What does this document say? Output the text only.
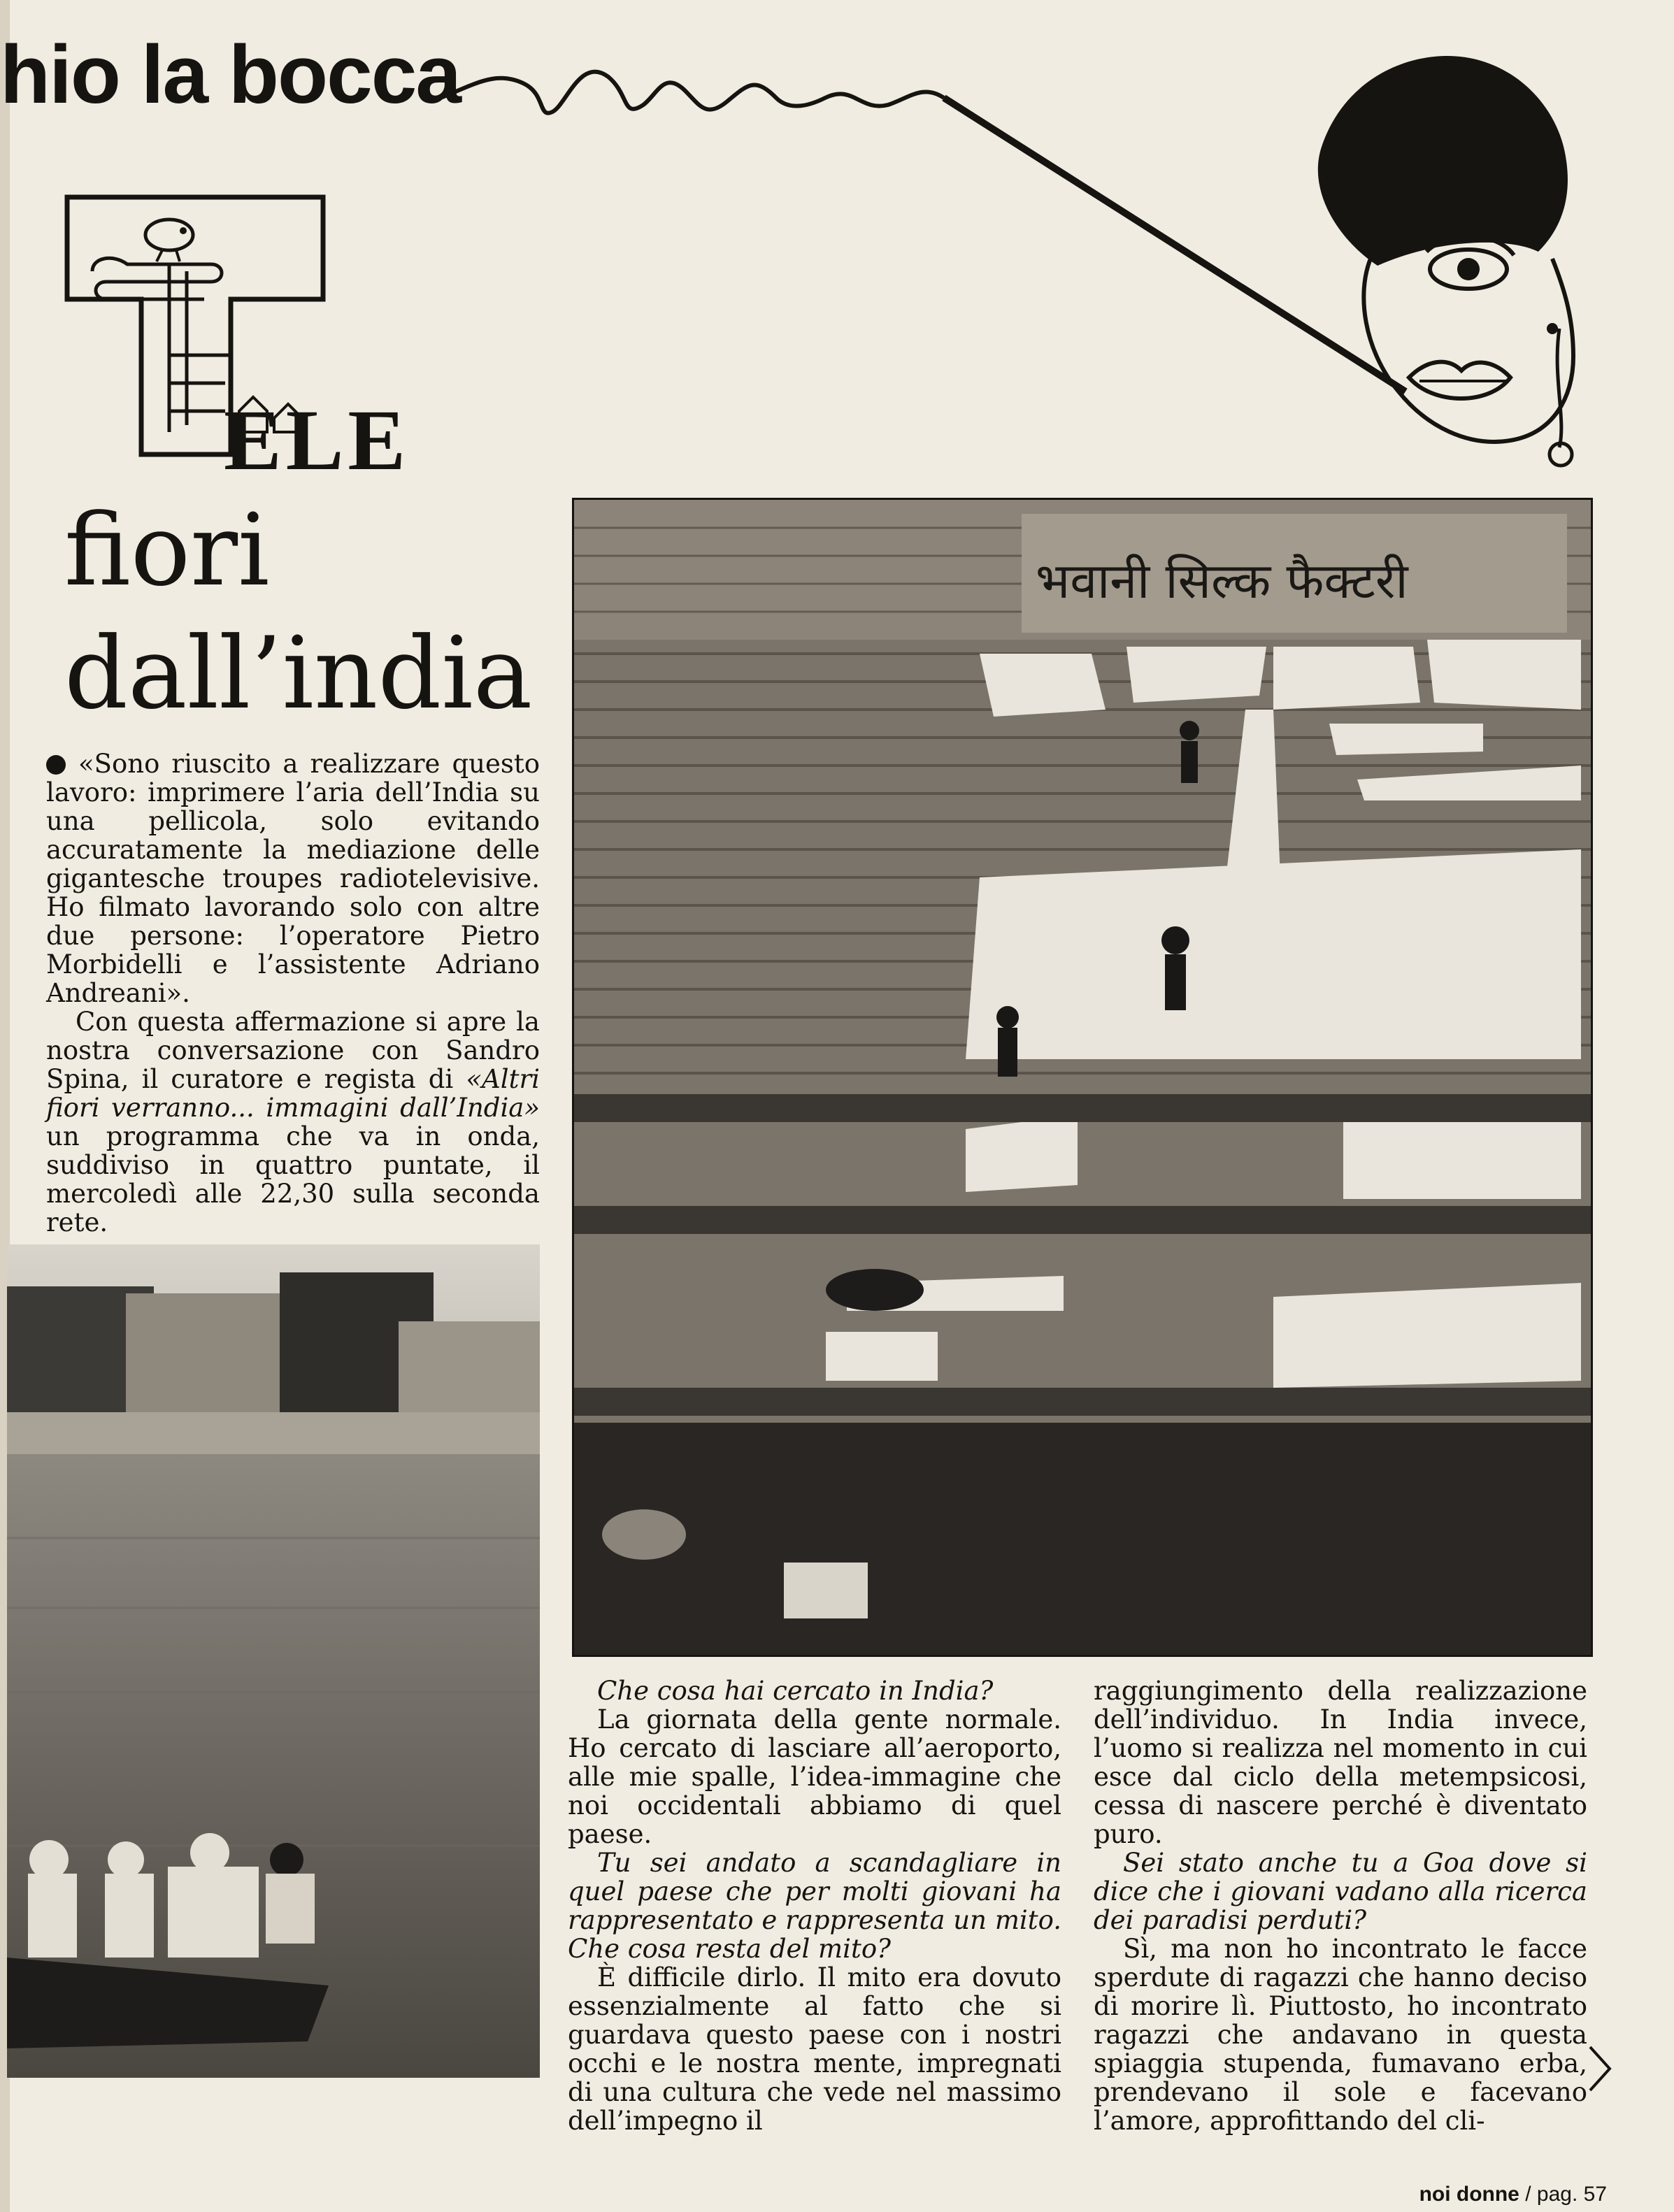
hio la bocca
ELE
fiori
dall’india

«Sono riuscito a realizzare questo lavoro: imprimere l’aria dell’India su una pellicola, solo evitando accuratamente la mediazione delle gigantesche troupes radiotelevisive. Ho filmato lavorando solo con altre due persone: l’operatore Pietro Morbidelli e l’assistente Adriano Andreani».

Con questa affermazione si apre la nostra conversazione con Sandro Spina, il curatore e regista di «Altri fiori verranno... immagini dall’India» un programma che va in onda, suddiviso in quattro puntate, il mercoledì alle 22,30 sulla seconda rete.

भवानी सिल्क फैक्टरी

Che cosa hai cercato in India?

La giornata della gente normale. Ho cercato di lasciare all’aeroporto, alle mie spalle, l’idea-immagine che noi occidentali abbiamo di quel paese.

Tu sei andato a scandagliare in quel paese che per molti giovani ha rappresentato e rappresenta un mito. Che cosa resta del mito?

È difficile dirlo. Il mito era dovuto essenzialmente al fatto che si guardava questo paese con i nostri occhi e le nostra mente, impregnati di una cultura che vede nel massimo dell’impegno il

raggiungimento della realizzazione dell’individuo. In India invece, l’uomo si realizza nel momento in cui esce dal ciclo della metempsicosi, cessa di nascere perché è diventato puro.

Sei stato anche tu a Goa dove si dice che i giovani vadano alla ricerca dei paradisi perduti?

Sì, ma non ho incontrato le facce sperdute di ragazzi che hanno deciso di morire lì. Piuttosto, ho incontrato ragazzi che andavano in questa spiaggia stupenda, fumavano erba, prendevano il sole e facevano l’amore, approfittando del cli-

noi donne / pag. 57
